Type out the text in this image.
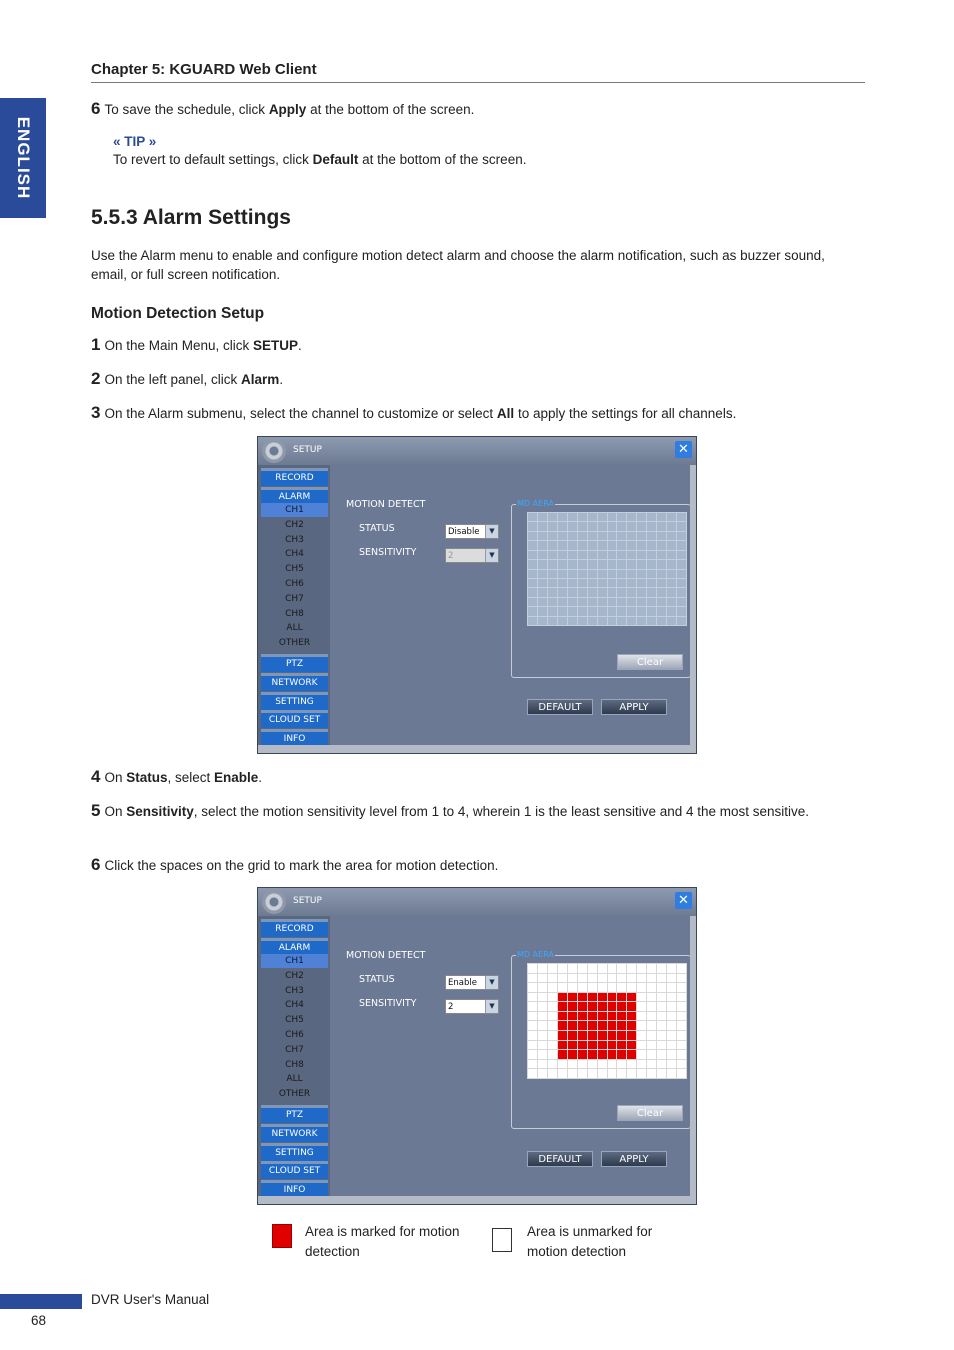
ENGLISH
Chapter 5: KGUARD Web Client
6 To save the schedule, click Apply at the bottom of the screen.
« TIP »
To revert to default settings, click Default at the bottom of the screen.
5.5.3 Alarm Settings
Use the Alarm menu to enable and configure motion detect alarm and choose the alarm notification, such as buzzer sound, email, or full screen notification.
Motion Detection Setup
1 On the Main Menu, click SETUP.
2 On the left panel, click Alarm.
3 On the Alarm submenu, select the channel to customize or select All to apply the settings for all channels.
SETUP	✕
RECORD
ALARM
CH1
CH2
CH3
CH4
CH5
CH6
CH7
CH8
ALL
OTHER
PTZ
NETWORK
SETTING
CLOUD SET
INFO
MOTION DETECT
STATUS	Disable	▼
SENSITIVITY	2	▼
MD AERA
Clear
DEFAULT	APPLY
4 On Status, select Enable.
5 On Sensitivity, select the motion sensitivity level from 1 to 4, wherein 1 is the least sensitive and 4 the most sensitive.
6 Click the spaces on the grid to mark the area for motion detection.
SETUP	✕
RECORD
ALARM
CH1
CH2
CH3
CH4
CH5
CH6
CH7
CH8
ALL
OTHER
PTZ
NETWORK
SETTING
CLOUD SET
INFO
MOTION DETECT
STATUS	Enable	▼
SENSITIVITY	2	▼
MD AERA
Clear
DEFAULT	APPLY
Area is marked for motion detection
Area is unmarked for motion detection
DVR User's Manual
68
